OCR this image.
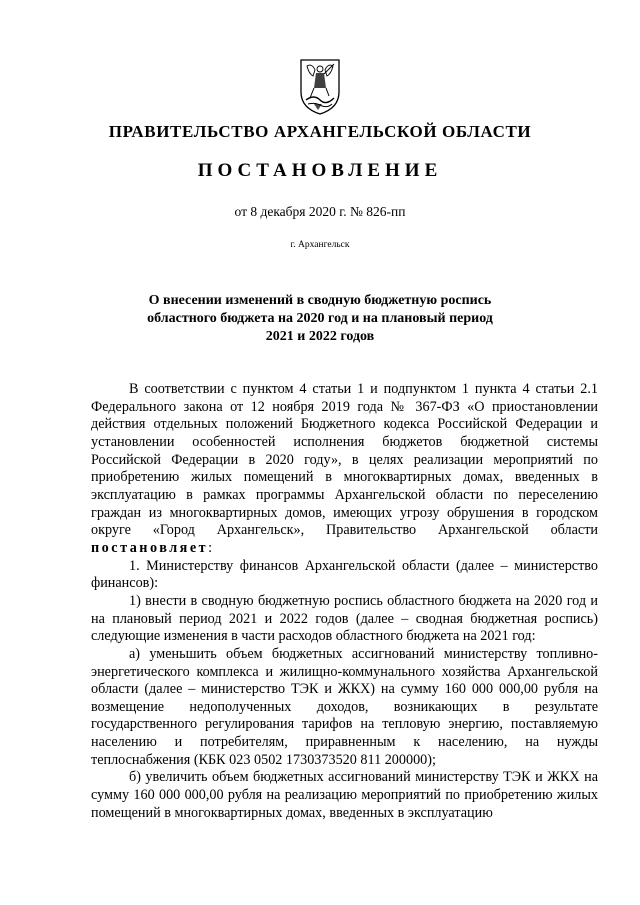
ПРАВИТЕЛЬСТВО АРХАНГЕЛЬСКОЙ ОБЛАСТИ
ПОСТАНОВЛЕНИЕ
от 8 декабря 2020 г. № 826-пп
г. Архангельск
О внесении изменений в сводную бюджетную роспись
областного бюджета на 2020 год и на плановый период
2021 и 2022 годов

В соответствии с пунктом 4 статьи 1 и подпунктом 1 пункта 4 статьи 2.1 Федерального закона от 12 ноября 2019 года № 367-ФЗ «О приостановлении действия отдельных положений Бюджетного кодекса Российской Федерации и установлении особенностей исполнения бюджетов бюджетной системы Российской Федерации в 2020 году», в целях реализации мероприятий по приобретению жилых помещений в многоквартирных домах, введенных в эксплуатацию в рамках программы Архангельской области по переселению граждан из многоквартирных домов, имеющих угрозу обрушения в городском округе «Город Архангельск», Правительство Архангельской области постановляет:

1. Министерству финансов Архангельской области (далее – министерство финансов):

1) внести в сводную бюджетную роспись областного бюджета на 2020 год и на плановый период 2021 и 2022 годов (далее – сводная бюджетная роспись) следующие изменения в части расходов областного бюджета на 2021 год:

а) уменьшить объем бюджетных ассигнований министерству топливно-энергетического комплекса и жилищно-коммунального хозяйства Архангельской области (далее – министерство ТЭК и ЖКХ) на сумму 160 000 000,00 рубля на возмещение недополученных доходов, возникающих в результате государственного регулирования тарифов на тепловую энергию, поставляемую населению и потребителям, приравненным к населению, на нужды теплоснабжения (КБК 023 0502 1730373520 811 200000);

б) увеличить объем бюджетных ассигнований министерству ТЭК и ЖКХ на сумму 160 000 000,00 рубля на реализацию мероприятий по приобретению жилых помещений в многоквартирных домах, введенных в эксплуатацию
